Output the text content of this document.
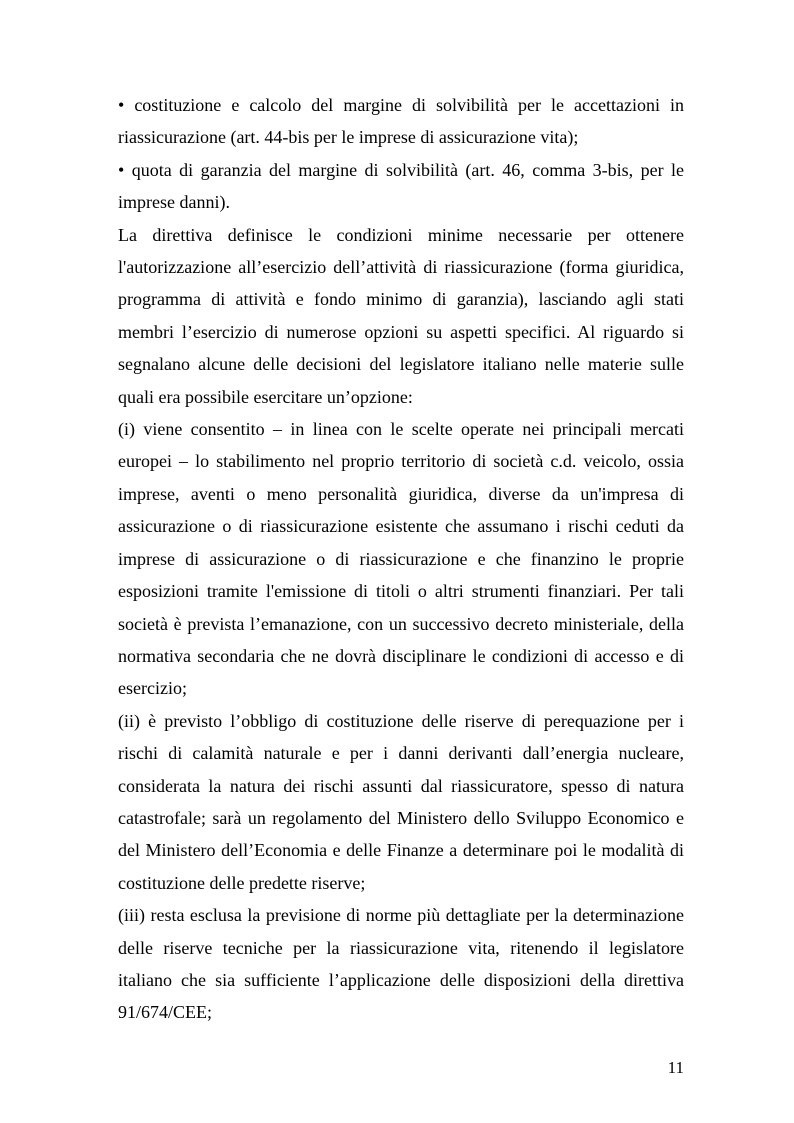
• costituzione e calcolo del margine di solvibilità per le accettazioni in riassicurazione (art. 44-bis per le imprese di assicurazione vita);

• quota di garanzia del margine di solvibilità (art. 46, comma 3-bis, per le imprese danni).

La direttiva definisce le condizioni minime necessarie per ottenere l'autorizzazione all’esercizio dell’attività di riassicurazione (forma giuridica, programma di attività e fondo minimo di garanzia), lasciando agli stati membri l’esercizio di numerose opzioni su aspetti specifici. Al riguardo si segnalano alcune delle decisioni del legislatore italiano nelle materie sulle quali era possibile esercitare un’opzione:

(i) viene consentito – in linea con le scelte operate nei principali mercati europei – lo stabilimento nel proprio territorio di società c.d. veicolo, ossia imprese, aventi o meno personalità giuridica, diverse da un'impresa di assicurazione o di riassicurazione esistente che assumano i rischi ceduti da imprese di assicurazione o di riassicurazione e che finanzino le proprie esposizioni tramite l'emissione di titoli o altri strumenti finanziari. Per tali società è prevista l’emanazione, con un successivo decreto ministeriale, della normativa secondaria che ne dovrà disciplinare le condizioni di accesso e di esercizio;

(ii) è previsto l’obbligo di costituzione delle riserve di perequazione per i rischi di calamità naturale e per i danni derivanti dall’energia nucleare, considerata la natura dei rischi assunti dal riassicuratore, spesso di natura catastrofale; sarà un regolamento del Ministero dello Sviluppo Economico e del Ministero dell’Economia e delle Finanze a determinare poi le modalità di costituzione delle predette riserve;

(iii) resta esclusa la previsione di norme più dettagliate per la determinazione delle riserve tecniche per la riassicurazione vita, ritenendo il legislatore italiano che sia sufficiente l’applicazione delle disposizioni della direttiva 91/674/CEE;

11
